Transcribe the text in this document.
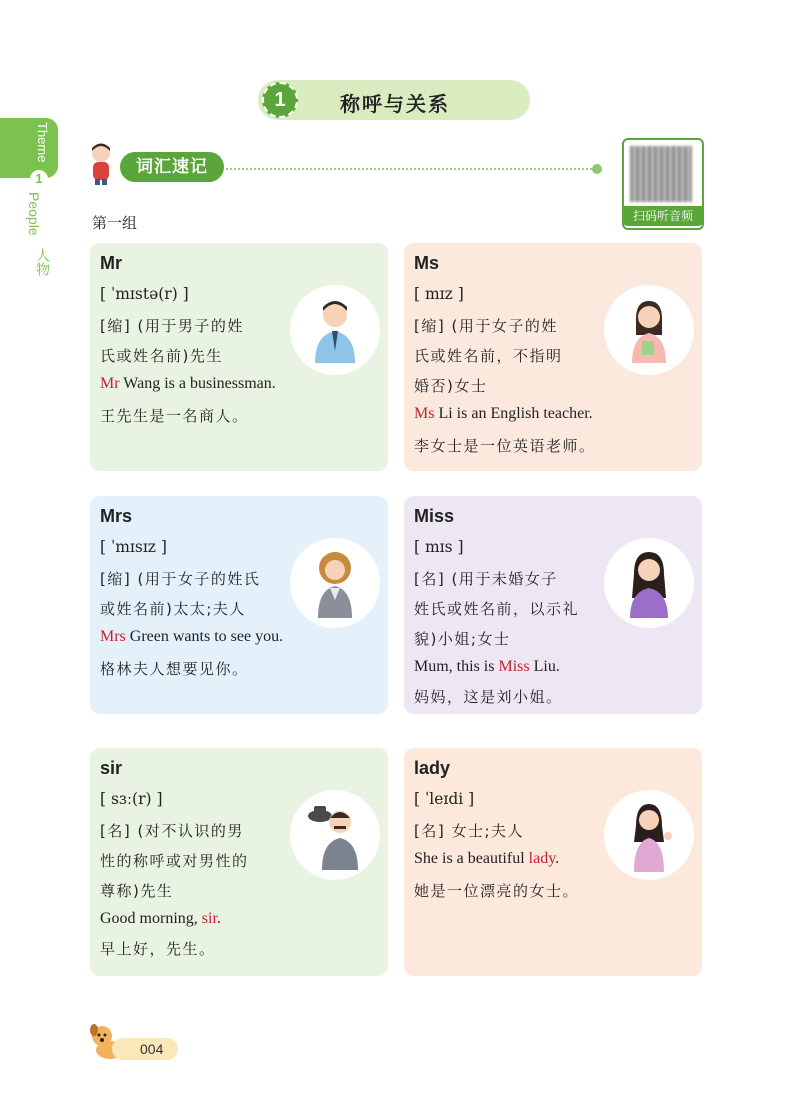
Theme
1
People
人物
1	称呼与关系
词汇速记
扫码听音频
第一组
Mr
[ ˈmɪstə(r) ]
[缩] (用于男子的姓
氏或姓名前)先生
Mr Wang is a businessman.
王先生是一名商人。
Ms
[ mɪz ]
[缩] (用于女子的姓
氏或姓名前，不指明
婚否)女士
Ms Li is an English teacher.
李女士是一位英语老师。
Mrs
[ ˈmɪsɪz ]
[缩] (用于女子的姓氏
或姓名前)太太;夫人
Mrs Green wants to see you.
格林夫人想要见你。
Miss
[ mɪs ]
[名] (用于未婚女子
姓氏或姓名前，以示礼
貌)小姐;女士
Mum, this is Miss Liu.
妈妈，这是刘小姐。
sir
[ sɜː(r) ]
[名] (对不认识的男
性的称呼或对男性的
尊称)先生
Good morning, sir.
早上好，先生。
lady
[ ˈleɪdi ]
[名] 女士;夫人
She is a beautiful lady.
她是一位漂亮的女士。
004
